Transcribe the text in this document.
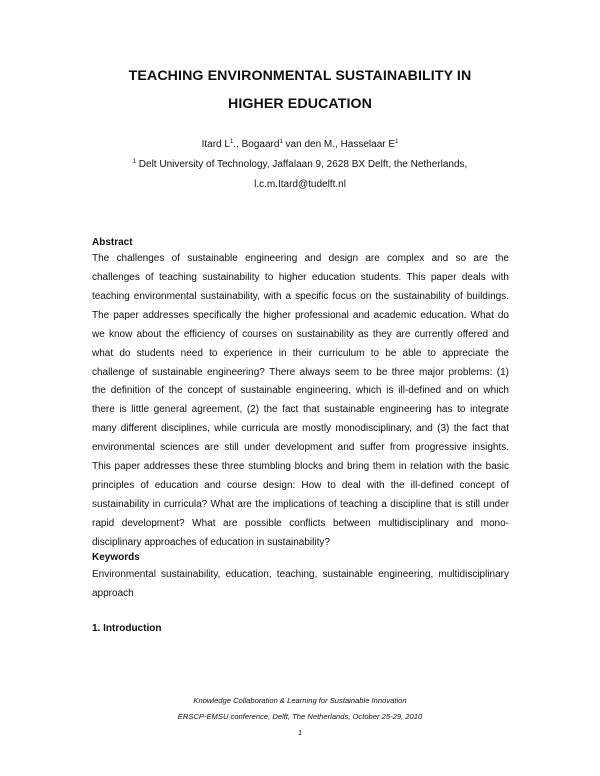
TEACHING ENVIRONMENTAL SUSTAINABILITY IN
HIGHER EDUCATION
Itard $L^1$., Bogaard$^1$ van den M., Hasselaar $E^1$
$^1$ Delt University of Technology, Jaffalaan 9, 2628 BX Delft, the Netherlands,
l.c.m.Itard@tudelft.nl
Abstract
The challenges of sustainable engineering and design are complex and so are the
challenges of teaching sustainability to higher education students. This paper deals with
teaching environmental sustainability, with a specific focus on the sustainability of buildings.
The paper addresses specifically the higher professional and academic education. What do
we know about the efficiency of courses on sustainability as they are currently offered and
what do students need to experience in their curriculum to be able to appreciate the
challenge of sustainable engineering? There always seem to be three major problems: (1)
the definition of the concept of sustainable engineering, which is ill-defined and on which
there is little general agreement, (2) the fact that sustainable engineering has to integrate
many different disciplines, while curricula are mostly monodisciplinary, and (3) the fact that
environmental sciences are still under development and suffer from progressive insights.
This paper addresses these three stumbling blocks and bring them in relation with the basic
principles of education and course design: How to deal with the ill-defined concept of
sustainability in curricula? What are the implications of teaching a discipline that is still under
rapid development? What are possible conflicts between multidisciplinary and mono-
disciplinary approaches of education in sustainability?
Keywords
Environmental sustainability, education, teaching, sustainable engineering, multidisciplinary
approach
1. Introduction
Knowledge Collaboration & Learning for Sustainable Innovation
ERSCP-EMSU conference, Delft, The Netherlands, October 25-29, 2010
1
